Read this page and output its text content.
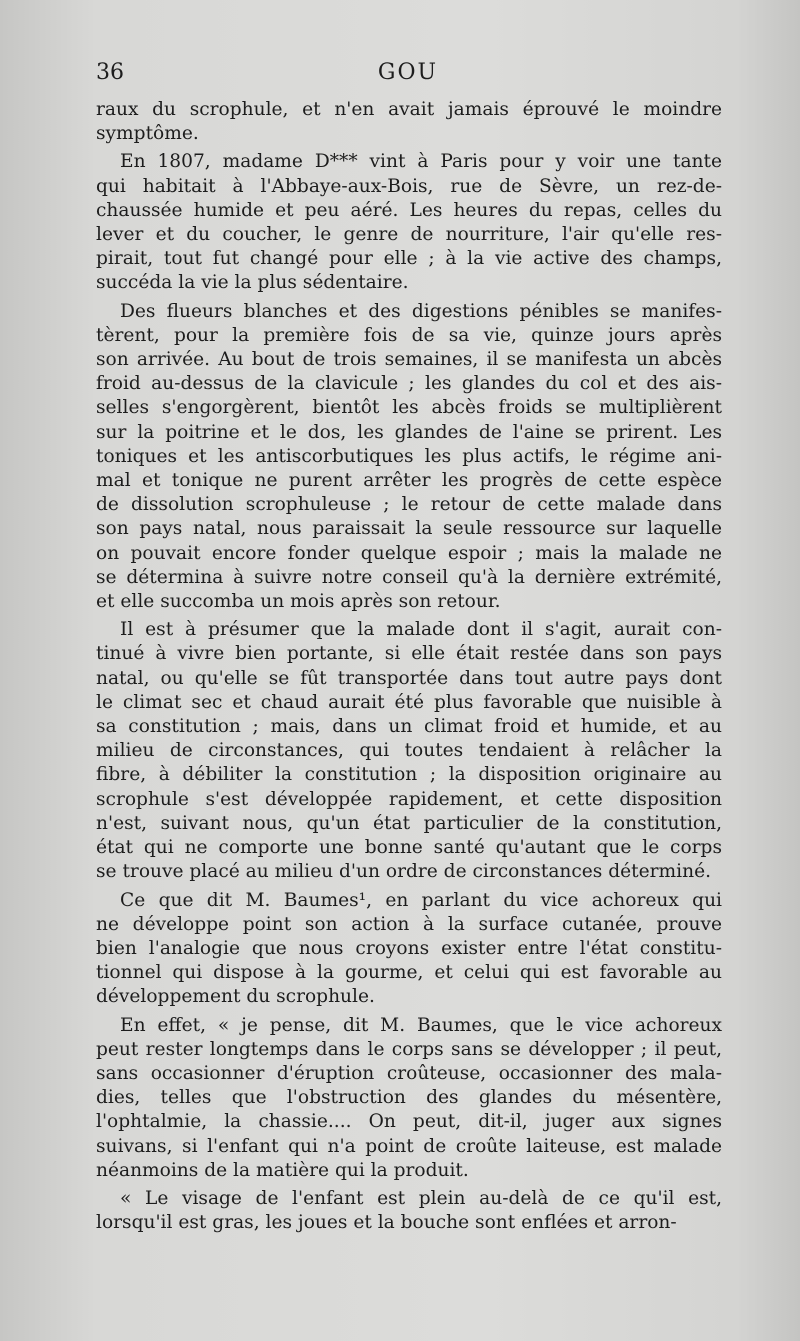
36	GOU

raux du scrophule, et n'en avait jamais éprouvé le moindre
symptôme.

En 1807, madame D*** vint à Paris pour y voir une tante
qui habitait à l'Abbaye-aux-Bois, rue de Sèvre, un rez-de-
chaussée humide et peu aéré. Les heures du repas, celles du
lever et du coucher, le genre de nourriture, l'air qu'elle res-
pirait, tout fut changé pour elle ; à la vie active des champs,
succéda la vie la plus sédentaire.

Des flueurs blanches et des digestions pénibles se manifes-
tèrent, pour la première fois de sa vie, quinze jours après
son arrivée. Au bout de trois semaines, il se manifesta un abcès
froid au-dessus de la clavicule ; les glandes du col et des ais-
selles s'engorgèrent, bientôt les abcès froids se multiplièrent
sur la poitrine et le dos, les glandes de l'aine se prirent. Les
toniques et les antiscorbutiques les plus actifs, le régime ani-
mal et tonique ne purent arrêter les progrès de cette espèce
de dissolution scrophuleuse ; le retour de cette malade dans
son pays natal, nous paraissait la seule ressource sur laquelle
on pouvait encore fonder quelque espoir ; mais la malade ne
se détermina à suivre notre conseil qu'à la dernière extrémité,
et elle succomba un mois après son retour.

Il est à présumer que la malade dont il s'agit, aurait con-
tinué à vivre bien portante, si elle était restée dans son pays
natal, ou qu'elle se fût transportée dans tout autre pays dont
le climat sec et chaud aurait été plus favorable que nuisible à
sa constitution ; mais, dans un climat froid et humide, et au
milieu de circonstances, qui toutes tendaient à relâcher la
fibre, à débiliter la constitution ; la disposition originaire au
scrophule s'est développée rapidement, et cette disposition
n'est, suivant nous, qu'un état particulier de la constitution,
état qui ne comporte une bonne santé qu'autant que le corps
se trouve placé au milieu d'un ordre de circonstances déterminé.

Ce que dit M. Baumes¹, en parlant du vice achoreux qui
ne développe point son action à la surface cutanée, prouve
bien l'analogie que nous croyons exister entre l'état constitu-
tionnel qui dispose à la gourme, et celui qui est favorable au
développement du scrophule.

En effet, « je pense, dit M. Baumes, que le vice achoreux
peut rester longtemps dans le corps sans se développer ; il peut,
sans occasionner d'éruption croûteuse, occasionner des mala-
dies, telles que l'obstruction des glandes du mésentère,
l'ophtalmie, la chassie.... On peut, dit-il, juger aux signes
suivans, si l'enfant qui n'a point de croûte laiteuse, est malade
néanmoins de la matière qui la produit.

« Le visage de l'enfant est plein au-delà de ce qu'il est,
lorsqu'il est gras, les joues et la bouche sont enflées et arron-
